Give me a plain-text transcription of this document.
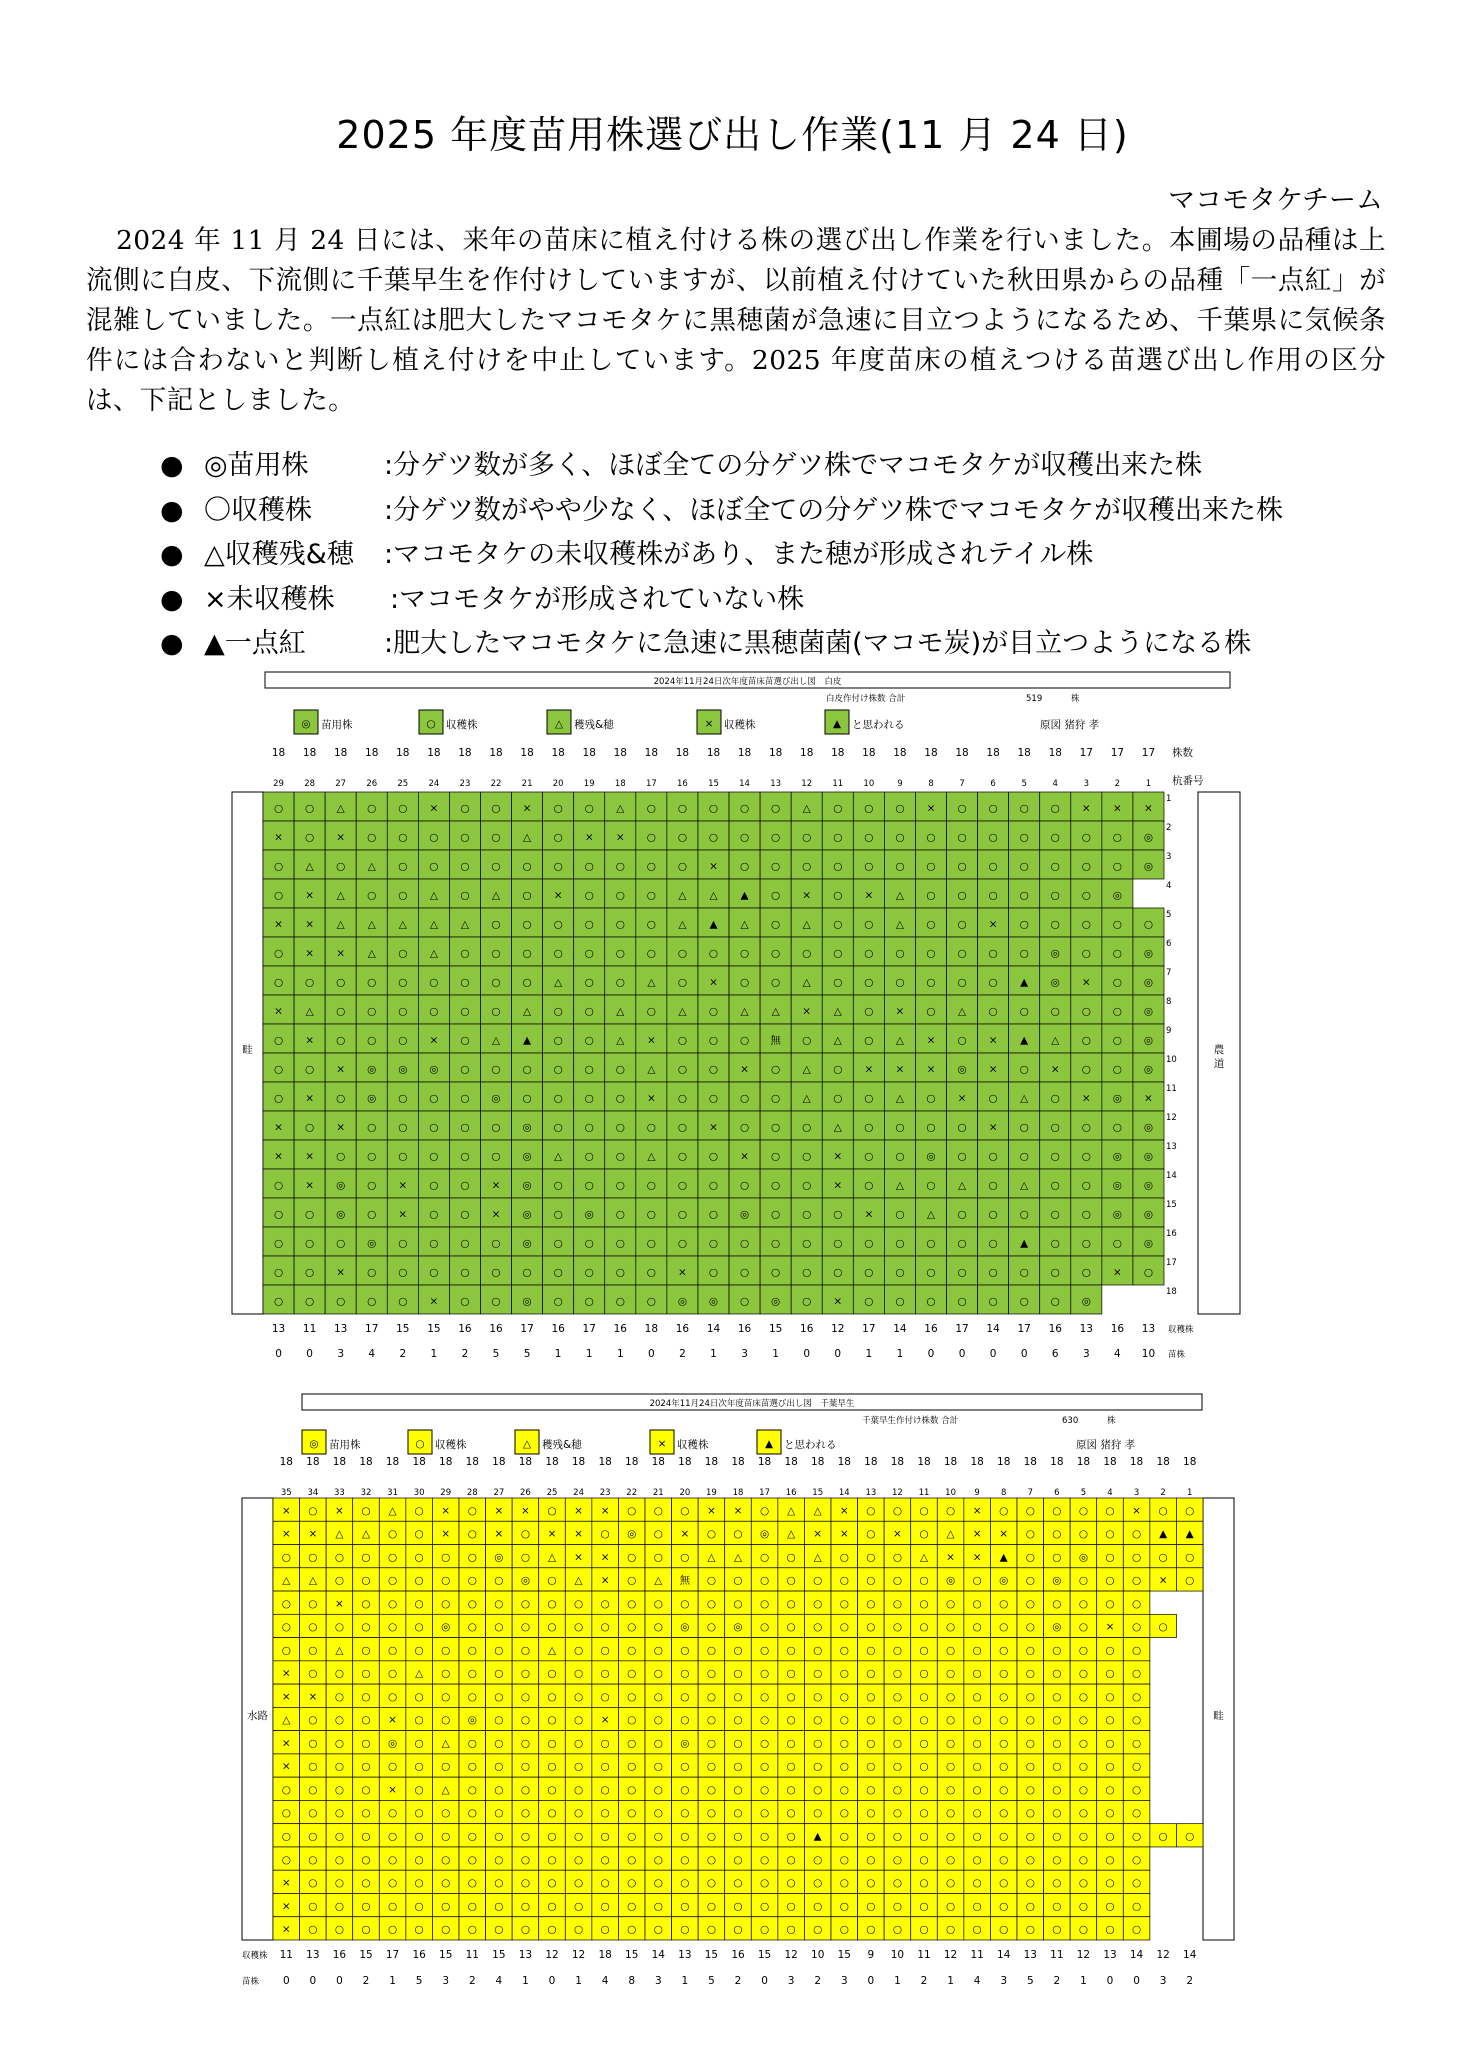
2025 年度苗用株選び出し作業(11 月 24 日)
マコモタケチーム

2024 年 11 月 24 日には、来年の苗床に植え付ける株の選び出し作業を行いました。本圃場の品種は上流側に白皮、下流側に千葉早生を作付けしていますが、以前植え付けていた秋田県からの品種「一点紅」が混雑していました。一点紅は肥大したマコモタケに黒穂菌が急速に目立つようになるため、千葉県に気候条件には合わないと判断し植え付けを中止しています。2025 年度苗床の植えつける苗選び出し作用の区分は、下記としました。

● ◎苗用株	:分ゲツ数が多く、ほぼ全ての分ゲツ株でマコモタケが収穫出来た株
● 〇収穫株	:分ゲツ数がやや少なく、ほぼ全ての分ゲツ株でマコモタケが収穫出来た株
● △収穫残&穂 :マコモタケの未収穫株があり、また穂が形成されテイル株
● ×未収穫株 :マコモタケが形成されていない株
● ▲一点紅	:肥大したマコモタケに急速に黒穂菌菌(マコモ炭)が目立つようになる株
2024年11月24日次年度苗床苗選び出し図　白皮
白皮作付け株数 合計	519	株
◎ 苗用株	○ 収穫株	△ 穫残&穂	× 収穫株	▲ と思われる	原図 猪狩 孝
18 18 18 18 18 18 18 18 18 18 18 18 18 18 18 18 18 18 18 18 18 18 18 18 18 18 17 17 17 株数
29 28 27 26 25 24 23 22 21 20 19 18 17 16 15 14 13 12 11 10	9	8	7	6	5	4	3	2	1 杭番号
畦	農
道
○ ○ △ ○ ○ × ○ ○ × ○ ○ △ ○ ○ ○ ○ ○ △ ○ ○ ○ × ○ ○ ○ ○ × × ×
× ○ × ○ ○ ○ ○ ○ △ ○ × × ○ ○ ○ ○ ○ ○ ○ ○ ○ ○ ○ ○ ○ ○ ○ ○ ◎
○ △ ○ △ ○ ○ ○ ○ ○ ○ ○ ○ ○ ○ × ○ ○ ○ ○ ○ ○ ○ ○ ○ ○ ○ ○ ○ ◎
○ × △ ○ ○ △ ○ △ ○ × ○ ○ ○ △ △ ▲ ○ × ○ × △ ○ ○ ○ ○ ○ ○ ◎
× × △ △ △ △ △ ○ ○ ○ ○ ○ ○ △ ▲ △ ○ △ ○ ○ △ ○ ○ × ○ ○ ○ ○ ○
○ × × △ ○ △ ○ ○ ○ ○ ○ ○ ○ ○ ○ ○ ○ ○ ○ ○ ○ ○ ○ ○ ○ ◎ ○ ○ ◎
○ ○ ○ ○ ○ ○ ○ ○ ○ △ ○ ○ △ ○ × ○ ○ △ ○ ○ ○ ○ ○ ○ ▲ ◎ × ○ ◎
× △ ○ ○ ○ ○ ○ ○ △ ○ ○ △ ○ △ ○ △ △ × △ ○ × ○ △ ○ ○ ○ ○ ○ ◎
○ × ○ ○ ○ × ○ △ ▲ ○ ○ △ × ○ ○ ○ 無 ○ △ ○ △ × ○ × ▲ △ ○ ○ ◎
○ ○ × ◎ ◎ ◎ ○ ○ ○ ○ ○ ○ △ ○ ○ × ○ △ ○ × × × ◎ × ○ × ○ ○ ◎
○ × ○ ◎ ○ ○ ○ ◎ ○ ○ ○ ○ × ○ ○ ○ ○ △ ○ ○ △ ○ × ○ △ ○ × ◎ ×
× ○ × ○ ○ ○ ○ ○ ◎ ○ ○ ○ ○ ○ × ○ ○ ○ △ ○ ○ ○ ○ × ○ ○ ○ ○ ◎
× × ○ ○ ○ ○ ○ ○ ◎ △ ○ ○ △ ○ ○ × ○ ○ × ○ ○ ◎ ○ ○ ○ ○ ○ ◎ ◎
○ × ◎ ○ × ○ ○ × ◎ ○ ○ ○ ○ ○ ○ ○ ○ ○ × ○ △ ○ △ ○ △ ○ ○ ◎ ◎
○ ○ ◎ ○ × ○ ○ × ◎ ○ ◎ ○ ○ ○ ○ ◎ ○ ○ ○ × ○ △ ○ ○ ○ ○ ○ ◎ ◎
○ ○ ○ ◎ ○ ○ ○ ○ ◎ ○ ○ ○ ○ ○ ○ ○ ○ ○ ○ ○ ○ ○ ○ ○ ▲ ○ ○ ○ ◎
○ ○ × ○ ○ ○ ○ ○ ○ ○ ○ ○ ○ × ○ ○ ○ ○ ○ ○ ○ ○ ○ ○ ○ ○ ○ × ○
○ ○ ○ ○ ○ × ○ ○ ◎ ○ ○ ○ ○ ◎ ◎ ○ ◎ ○ × ○ ○ ○ ○ ○ ○ ○ ◎
1
2
3
4
5
6
7
8
9
10
11
12
13
14
15
16
17
18
13 11 13 17 15 15 16 16 17 16 17 16 18 16 14 16 15 16 12 17 14 16 17 14 17 16 13 16 13
0 0 3 4 2 1 2 5 5 1 1 1 0 2 1 3 1 0 0 1 1 0 0 0 0 6 3 4 10
収穫株
苗株
2024年11月24日次年度苗床苗選び出し図　千葉早生
千葉早生作付け株数 合計	630	株
◎ 苗用株	○ 収穫株	△ 穫残&穂	× 収穫株	▲ と思われる	原図 猪狩 孝
18 18 18 18 18 18 18 18 18 18 18 18 18 18 18 18 18 18 18 18 18 18 18 18 18 18 18 18 18 18 18 18 18 18 18
35 34 33 32 31 30 29 28 27 26 25 24 23 22 21 20 19 18 17 16 15 14 13 12 11 10 9 8 7 6 5 4 3 2 1
水路	畦
× ○ × ○ △ ○ × ○ × × ○ × × ○ ○ ○ × × ○ △ △ × ○ ○ ○ ○ × ○ ○ ○ ○ ○ × ○ ○
× × △ △ ○ ○ × ○ × ○ × × ○ ◎ ○ × ○ ○ ◎ △ × × ○ × ○ △ × × ○ ○ ○ ○ ○ ▲ ▲
○ ○ ○ ○ ○ ○ ○ ○ ◎ ○ △ × × ○ ○ ○ △ △ ○ ○ △ ○ ○ ○ △ × × ▲ ○ ○ ◎ ○ ○ ○ ○
△ △ ○ ○ ○ ○ ○ ○ ○ ◎ ○ △ × ○ △ 無 ○ ○ ○ ○ ○ ○ ○ ○ ○ ◎ ○ ◎ ○ ◎ ○ ○ ○ × ○
○ ○ × ○ ○ ○ ○ ○ ○ ○ ○ ○ ○ ○ ○ ○ ○ ○ ○ ○ ○ ○ ○ ○ ○ ○ ○ ○ ○ ○ ○ ○ ○
○ ○ ○ ○ ○ ○ ◎ ○ ○ ○ ○ ○ ○ ○ ○ ◎ ○ ◎ ○ ○ ○ ○ ○ ○ ○ ○ ○ ○ ○ ◎ ○ × ○ ○
○ ○ △ ○ ○ ○ ○ ○ ○ ○ △ ○ ○ ○ ○ ○ ○ ○ ○ ○ ○ ○ ○ ○ ○ ○ ○ ○ ○ ○ ○ ○ ○
× ○ ○ ○ ○ △ ○ ○ ○ ○ ○ ○ ○ ○ ○ ○ ○ ○ ○ ○ ○ ○ ○ ○ ○ ○ ○ ○ ○ ○ ○ ○ ○
× × ○ ○ ○ ○ ○ ○ ○ ○ ○ ○ ○ ○ ○ ○ ○ ○ ○ ○ ○ ○ ○ ○ ○ ○ ○ ○ ○ ○ ○ ○ ○
△ ○ ○ ○ × ○ ○ ◎ ○ ○ ○ ○ × ○ ○ ○ ○ ○ ○ ○ ○ ○ ○ ○ ○ ○ ○ ○ ○ ○ ○ ○ ○
× ○ ○ ○ ◎ ○ △ ○ ○ ○ ○ ○ ○ ○ ○ ◎ ○ ○ ○ ○ ○ ○ ○ ○ ○ ○ ○ ○ ○ ○ ○ ○ ○
× ○ ○ ○ ○ ○ ○ ○ ○ ○ ○ ○ ○ ○ ○ ○ ○ ○ ○ ○ ○ ○ ○ ○ ○ ○ ○ ○ ○ ○ ○ ○ ○
○ ○ ○ ○ × ○ △ ○ ○ ○ ○ ○ ○ ○ ○ ○ ○ ○ ○ ○ ○ ○ ○ ○ ○ ○ ○ ○ ○ ○ ○ ○ ○
○ ○ ○ ○ ○ ○ ○ ○ ○ ○ ○ ○ ○ ○ ○ ○ ○ ○ ○ ○ ○ ○ ○ ○ ○ ○ ○ ○ ○ ○ ○ ○ ○
○ ○ ○ ○ ○ ○ ○ ○ ○ ○ ○ ○ ○ ○ ○ ○ ○ ○ ○ ○ ▲ ○ ○ ○ ○ ○ ○ ○ ○ ○ ○ ○ ○ ○ ○
○ ○ ○ ○ ○ ○ ○ ○ ○ ○ ○ ○ ○ ○ ○ ○ ○ ○ ○ ○ ○ ○ ○ ○ ○ ○ ○ ○ ○ ○ ○ ○ ○
× ○ ○ ○ ○ ○ ○ ○ ○ ○ ○ ○ ○ ○ ○ ○ ○ ○ ○ ○ ○ ○ ○ ○ ○ ○ ○ ○ ○ ○ ○ ○ ○
× ○ ○ ○ ○ ○ ○ ○ ○ ○ ○ ○ ○ ○ ○ ○ ○ ○ ○ ○ ○ ○ ○ ○ ○ ○ ○ ○ ○ ○ ○ ○ ○
× ○ ○ ○ ○ ○ ○ ○ ○ ○ ○ ○ ○ ○ ○ ○ ○ ○ ○ ○ ○ ○ ○ ○ ○ ○ ○ ○ ○ ○ ○ ○ ○
11 13 16 15 17 16 15 11 15 13 12 12 18 15 14 13 15 16 15 12 10 15 9 10 11 12 11 14 13 11 12 13 14 12 14
0 0 0 2 1 5 3 2 4 1 0 1 4 8 3 1 5 2 0 3 2 3 0 1 2 1 4 3 5 2 1 0 0 3 2
収穫株
苗株
